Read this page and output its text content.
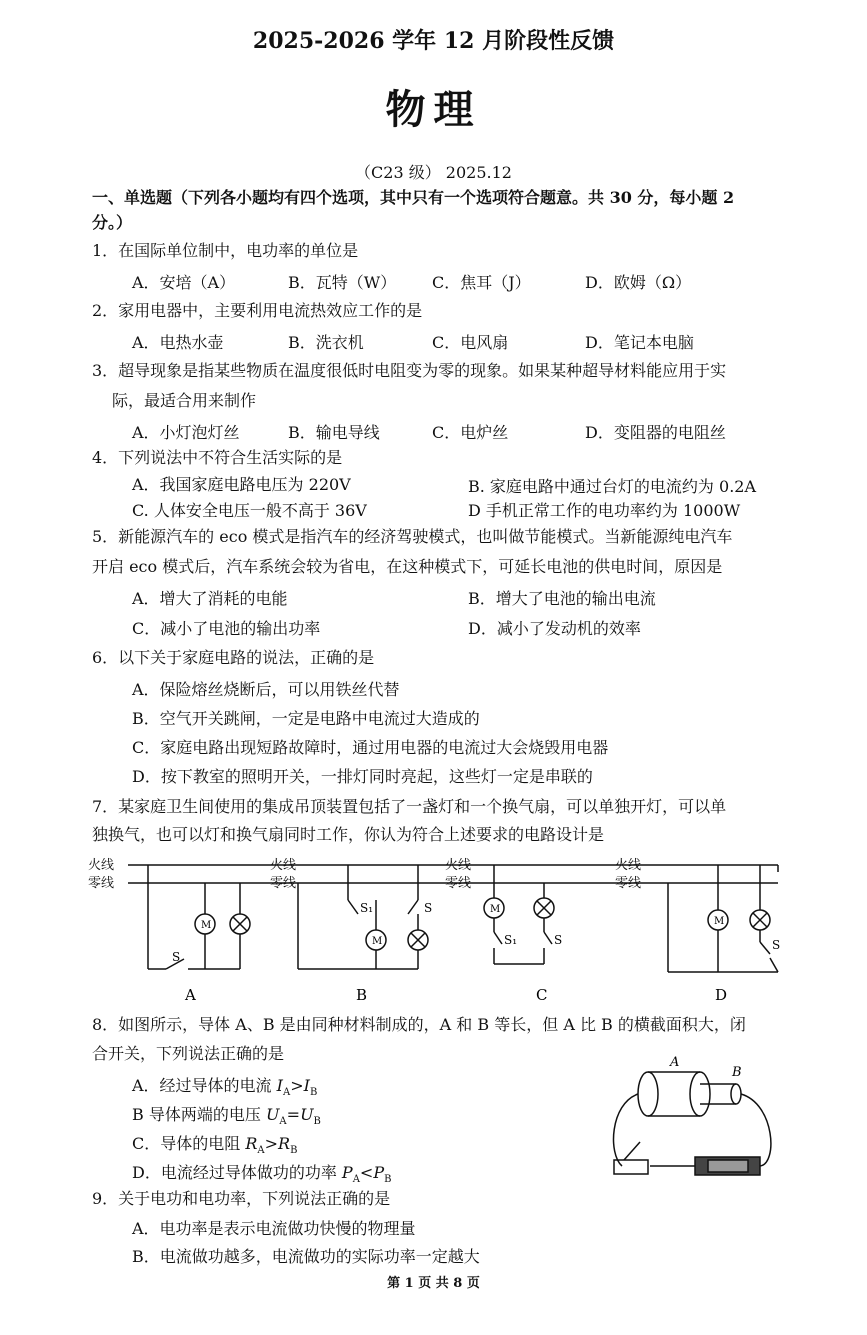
2025-2026 学年 12 月阶段性反馈
物理
（C23 级） 2025.12
一、单选题（下列各小题均有四个选项，其中只有一个选项符合题意。共 30 分，每小题 2
分。）
1．在国际单位制中，电功率的单位是
A．安培（A）	B．瓦特（W） C．焦耳（J）	D．欧姆（Ω）
2．家用电器中，主要利用电流热效应工作的是
A．电热水壶	B．洗衣机	C．电风扇	D．笔记本电脑
3．超导现象是指某些物质在温度很低时电阻变为零的现象。如果某种超导材料能应用于实
际，最适合用来制作
A．小灯泡灯丝	B．输电导线	C．电炉丝	D．变阻器的电阻丝
4．下列说法中不符合生活实际的是
A．我国家庭电路电压为 220V	B. 家庭电路中通过台灯的电流约为 0.2A
C. 人体安全电压一般不高于 36V	D 手机正常工作的电功率约为 1000W
5．新能源汽车的 eco 模式是指汽车的经济驾驶模式，也叫做节能模式。当新能源纯电汽车
开启 eco 模式后，汽车系统会较为省电，在这种模式下，可延长电池的供电时间，原因是
A．增大了消耗的电能	B．增大了电池的输出电流
C．减小了电池的输出功率	D．减小了发动机的效率
6．以下关于家庭电路的说法，正确的是
A．保险熔丝烧断后，可以用铁丝代替
B．空气开关跳闸，一定是电路中电流过大造成的
C．家庭电路出现短路故障时，通过用电器的电流过大会烧毁用电器
D．按下教室的照明开关，一排灯同时亮起，这些灯一定是串联的
7．某家庭卫生间使用的集成吊顶装置包括了一盏灯和一个换气扇，可以单独开灯，可以单
独换气，也可以灯和换气扇同时工作，你认为符合上述要求的电路设计是
火线
零线
火线
零线
火线
零线
火线
零线
M
S
M
S₁	S	M
S₁	S
M
S
A	B	C	D
8．如图所示，导体 A、B 是由同种材料制成的，A 和 B 等长，但 A 比 B 的横截面积大，闭
合开关，下列说法正确的是
A．经过导体的电流 $I_A>I_B$
B 导体两端的电压 $U_A=U_B$
C．导体的电阻 $R_A>R_B$
D．电流经过导体做功的功率 $P_A<P_B$
A
B
9．关于电功和电功率，下列说法正确的是
A．电功率是表示电流做功快慢的物理量
B．电流做功越多，电流做功的实际功率一定越大
第 1 页 共 8 页
